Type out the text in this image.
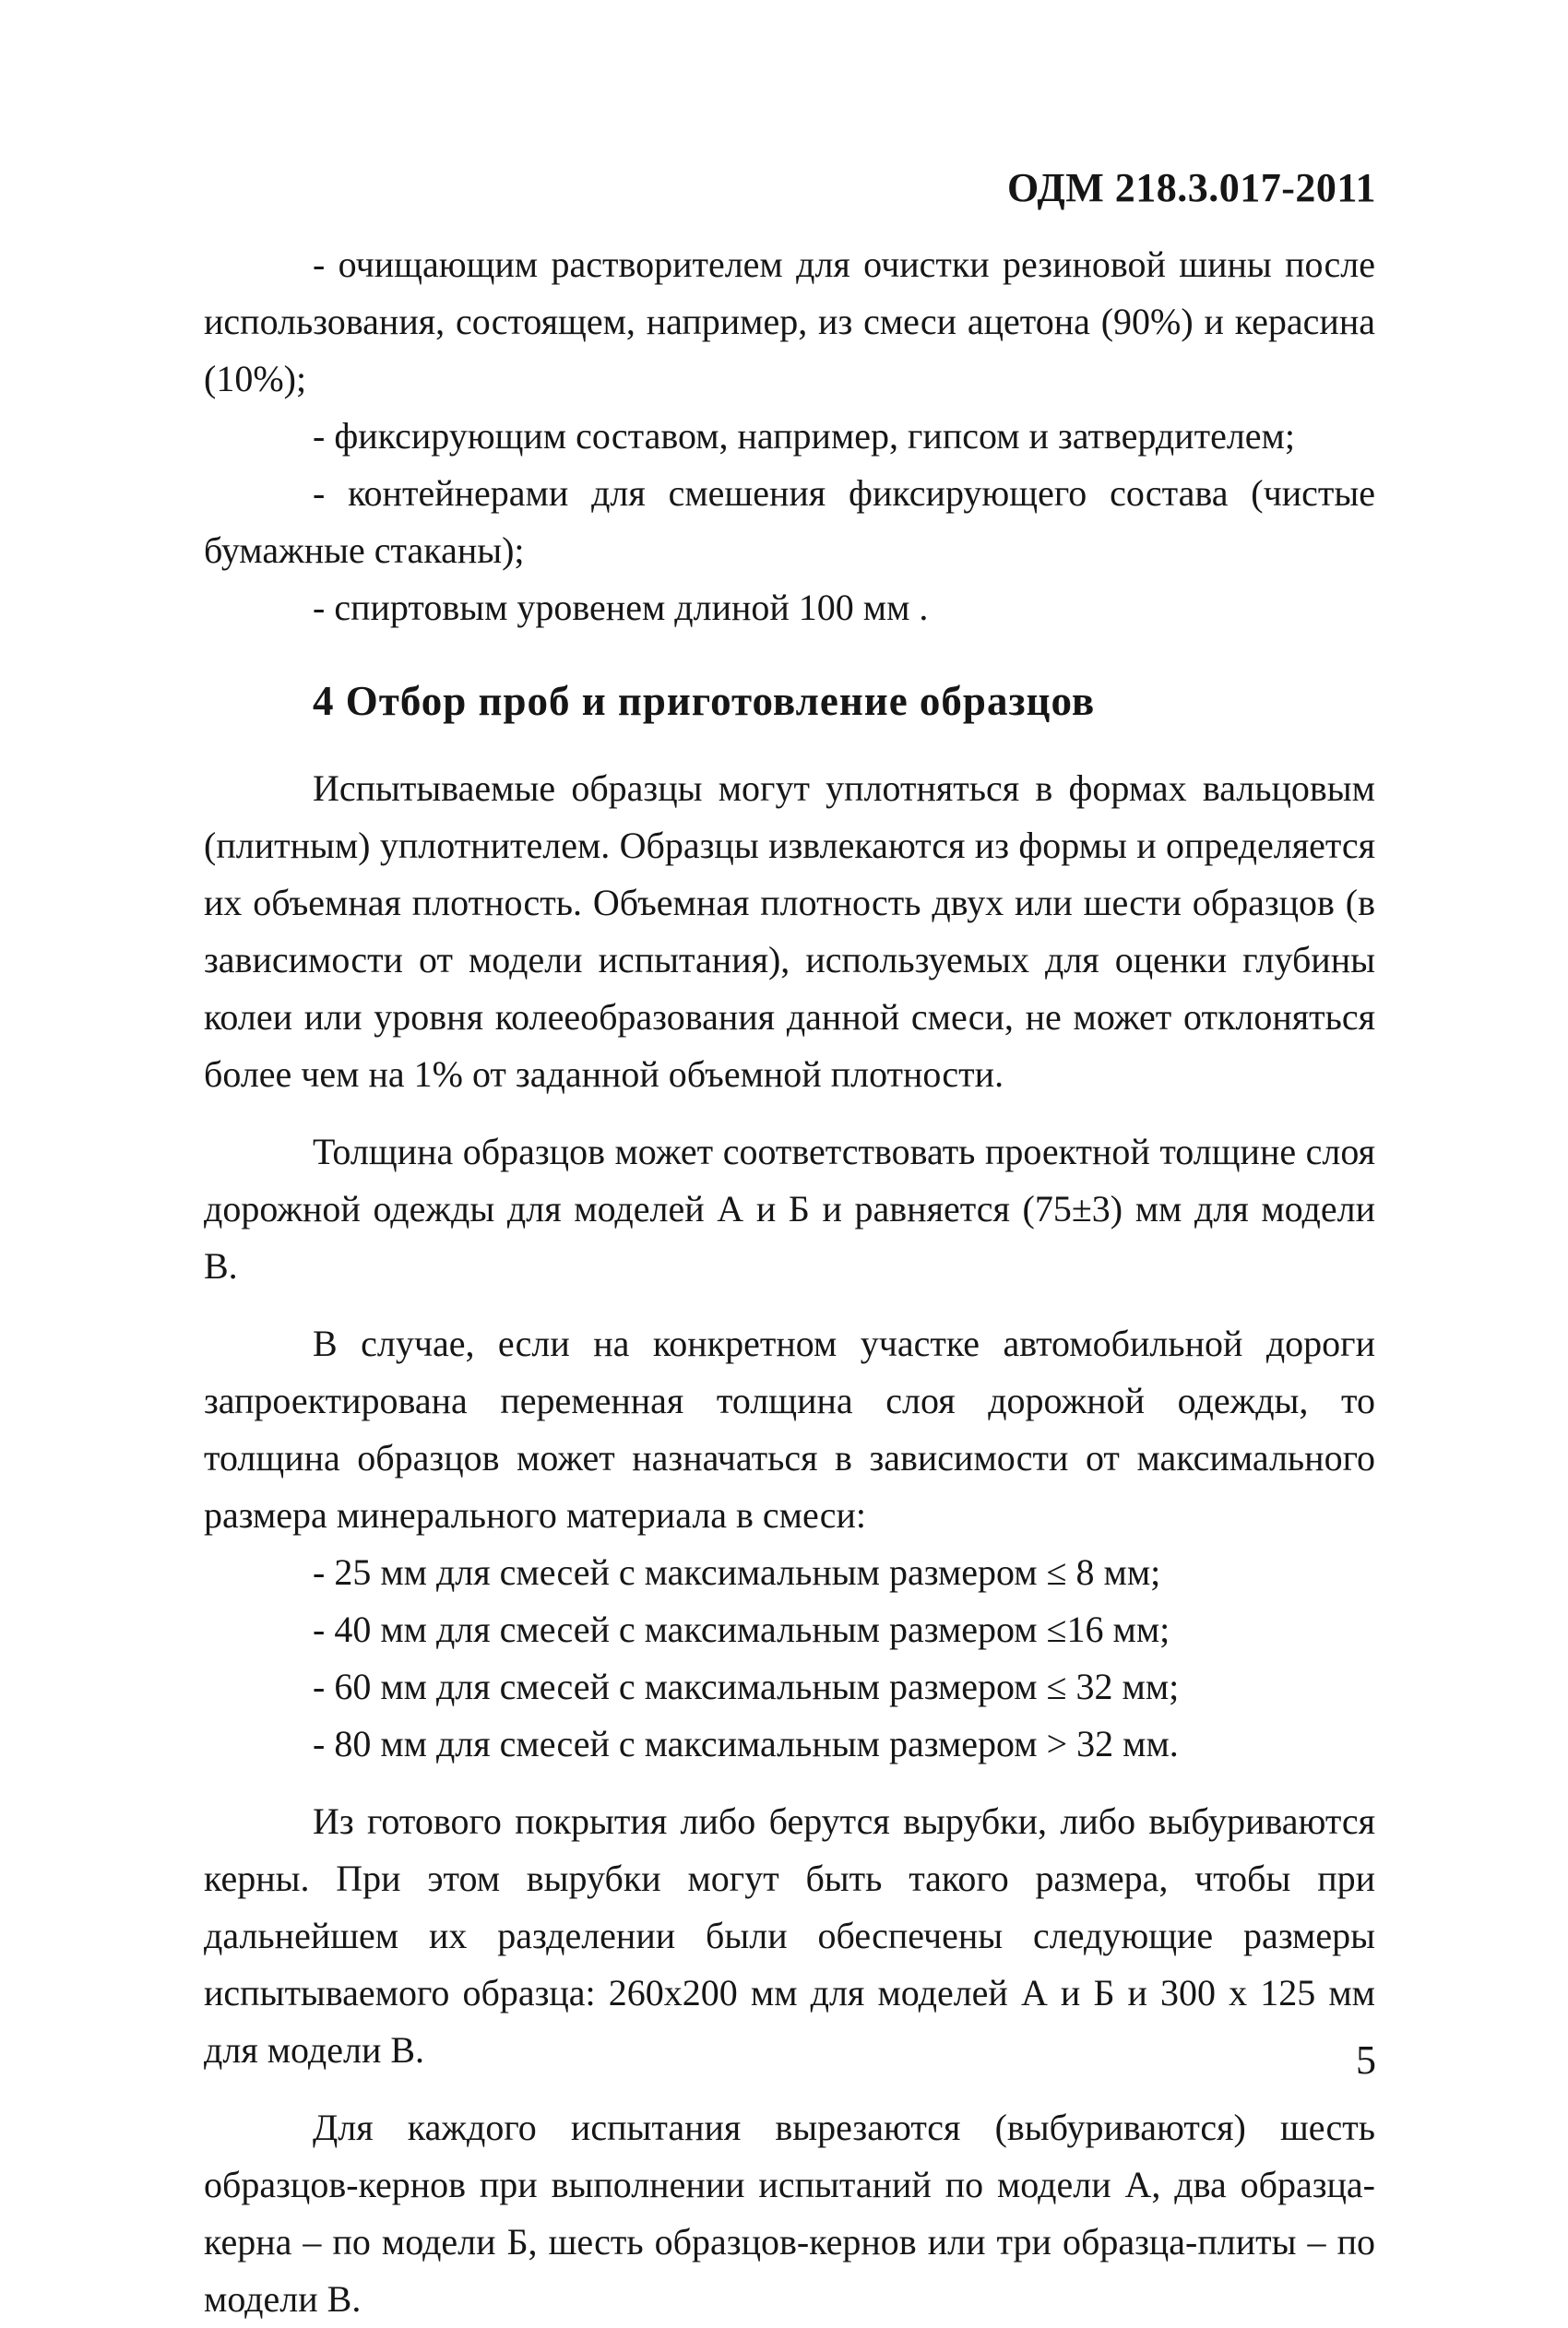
ОДМ 218.3.017-2011

- очищающим растворителем для очистки резиновой шины после использования, состоящем, например, из смеси ацетона (90%) и керасина (10%);

- фиксирующим составом, например, гипсом и затвердителем;

- контейнерами для смешения фиксирующего состава (чистые бумажные стаканы);

- спиртовым уровенем длиной 100 мм .

4 Отбор проб и приготовление образцов

Испытываемые образцы могут уплотняться в формах вальцовым (плитным) уплотнителем. Образцы извлекаются из формы и определяется их объемная плотность. Объемная плотность двух или шести образцов (в зависимости от модели испытания), используемых для оценки глубины колеи или уровня колееобразования данной смеси, не может отклоняться более чем на 1% от заданной объемной плотности.

Толщина образцов может соответствовать проектной толщине слоя дорожной одежды для моделей А и Б и равняется (75±3) мм для модели В.

В случае, если на конкретном участке автомобильной дороги запроектирована переменная толщина слоя дорожной одежды, то толщина образцов может назначаться в зависимости от максимального размера минерального материала в смеси:

- 25 мм для смесей с максимальным размером ≤ 8 мм;

- 40 мм для смесей с максимальным размером ≤16 мм;

- 60 мм для смесей с максимальным размером ≤ 32 мм;

- 80 мм для смесей с максимальным размером > 32 мм.

Из готового покрытия либо берутся вырубки, либо выбуриваются керны. При этом вырубки могут быть такого размера, чтобы при дальнейшем их разделении были обеспечены следующие размеры испытываемого образца: 260х200 мм для моделей А и Б и 300 х 125 мм для модели В.

Для каждого испытания вырезаются (выбуриваются) шесть образцов-кернов при выполнении испытаний по модели А, два образца-керна – по модели Б, шесть образцов-кернов или три образца-плиты – по модели В.

5
